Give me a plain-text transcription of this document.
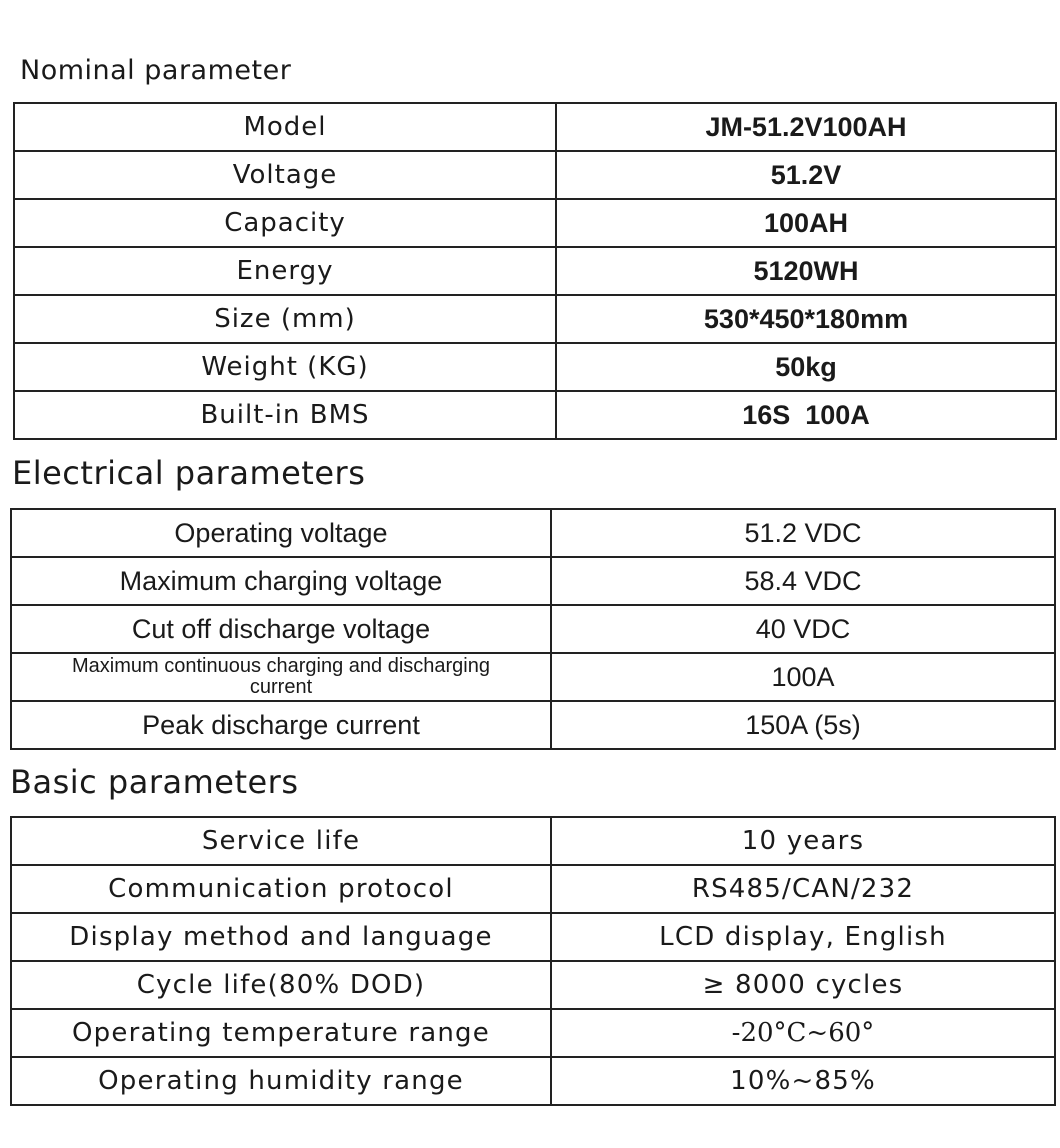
Nominal parameter
Model	JM-51.2V100AH
Voltage	51.2V
Capacity	100AH
Energy	5120WH
Size (mm)	530*450*180mm
Weight (KG)	50kg
Built-in BMS	16S  100A
Electrical parameters
Operating voltage	51.2 VDC
Maximum charging voltage	58.4 VDC
Cut off discharge voltage	40 VDC
Maximum continuous charging and discharging current	100A
Peak discharge current	150A (5s)
Basic parameters
Service life	10 years
Communication protocol	RS485/CAN/232
Display method and language	LCD display, English
Cycle life(80% DOD)	≥ 8000 cycles
Operating temperature range	-20°C~60°
Operating humidity range	10%~85%
